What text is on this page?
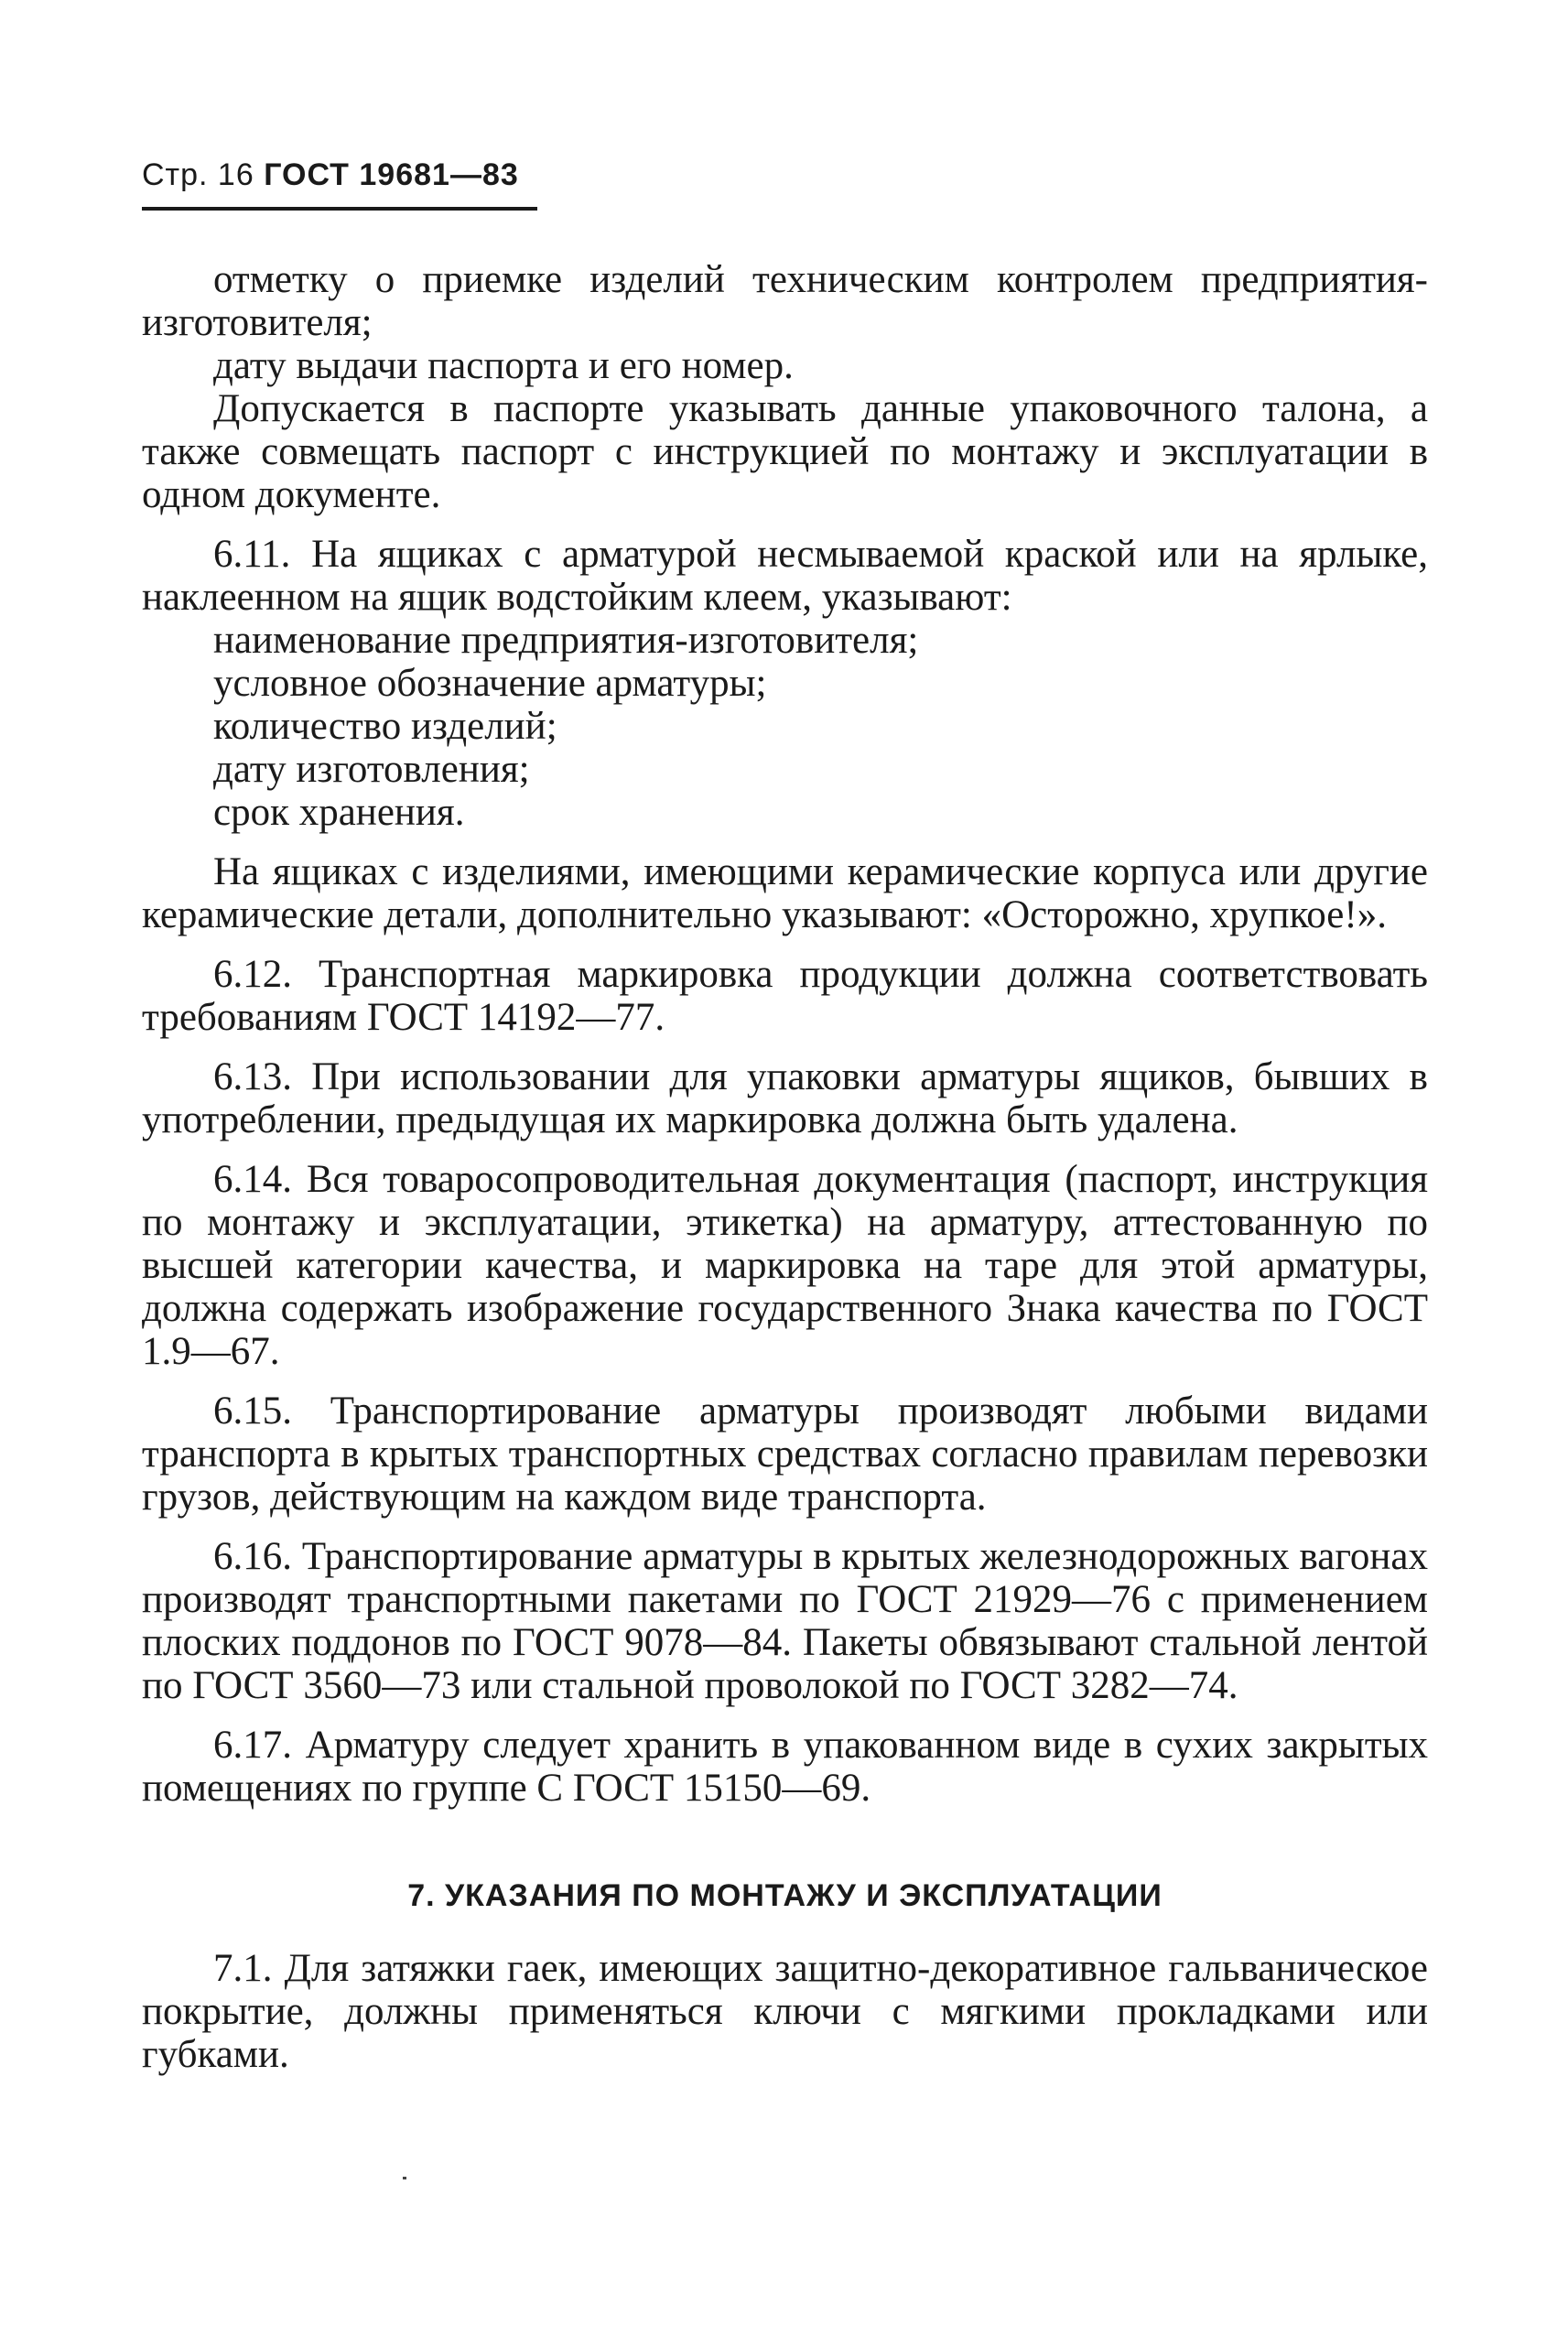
Стр. 16 ГОСТ 19681—83

отметку о приемке изделий техническим контролем предприятия-изготовителя;

дату выдачи паспорта и его номер.

Допускается в паспорте указывать данные упаковочного талона, а также совмещать паспорт с инструкцией по монтажу и эксплуатации в одном документе.

6.11. На ящиках с арматурой несмываемой краской или на ярлыке, наклеенном на ящик водстойким клеем, указывают:

наименование предприятия-изготовителя;

условное обозначение арматуры;

количество изделий;

дату изготовления;

срок хранения.

На ящиках с изделиями, имеющими керамические корпуса или другие керамические детали, дополнительно указывают: «Осторожно, хрупкое!».

6.12. Транспортная маркировка продукции должна соответствовать требованиям ГОСТ 14192—77.

6.13. При использовании для упаковки арматуры ящиков, бывших в употреблении, предыдущая их маркировка должна быть удалена.

6.14. Вся товаросопроводительная документация (паспорт, инструкция по монтажу и эксплуатации, этикетка) на арматуру, аттестованную по высшей категории качества, и маркировка на таре для этой арматуры, должна содержать изображение государственного Знака качества по ГОСТ 1.9—67.

6.15. Транспортирование арматуры производят любыми видами транспорта в крытых транспортных средствах согласно правилам перевозки грузов, действующим на каждом виде транспорта.

6.16. Транспортирование арматуры в крытых железнодорожных вагонах производят транспортными пакетами по ГОСТ 21929—76 с применением плоских поддонов по ГОСТ 9078—84. Пакеты обвязывают стальной лентой по ГОСТ 3560—73 или стальной проволокой по ГОСТ 3282—74.

6.17. Арматуру следует хранить в упакованном виде в сухих закрытых помещениях по группе С ГОСТ 15150—69.

7. УКАЗАНИЯ ПО МОНТАЖУ И ЭКСПЛУАТАЦИИ

7.1. Для затяжки гаек, имеющих защитно-декоративное гальваническое покрытие, должны применяться ключи с мягкими прокладками или губками.
